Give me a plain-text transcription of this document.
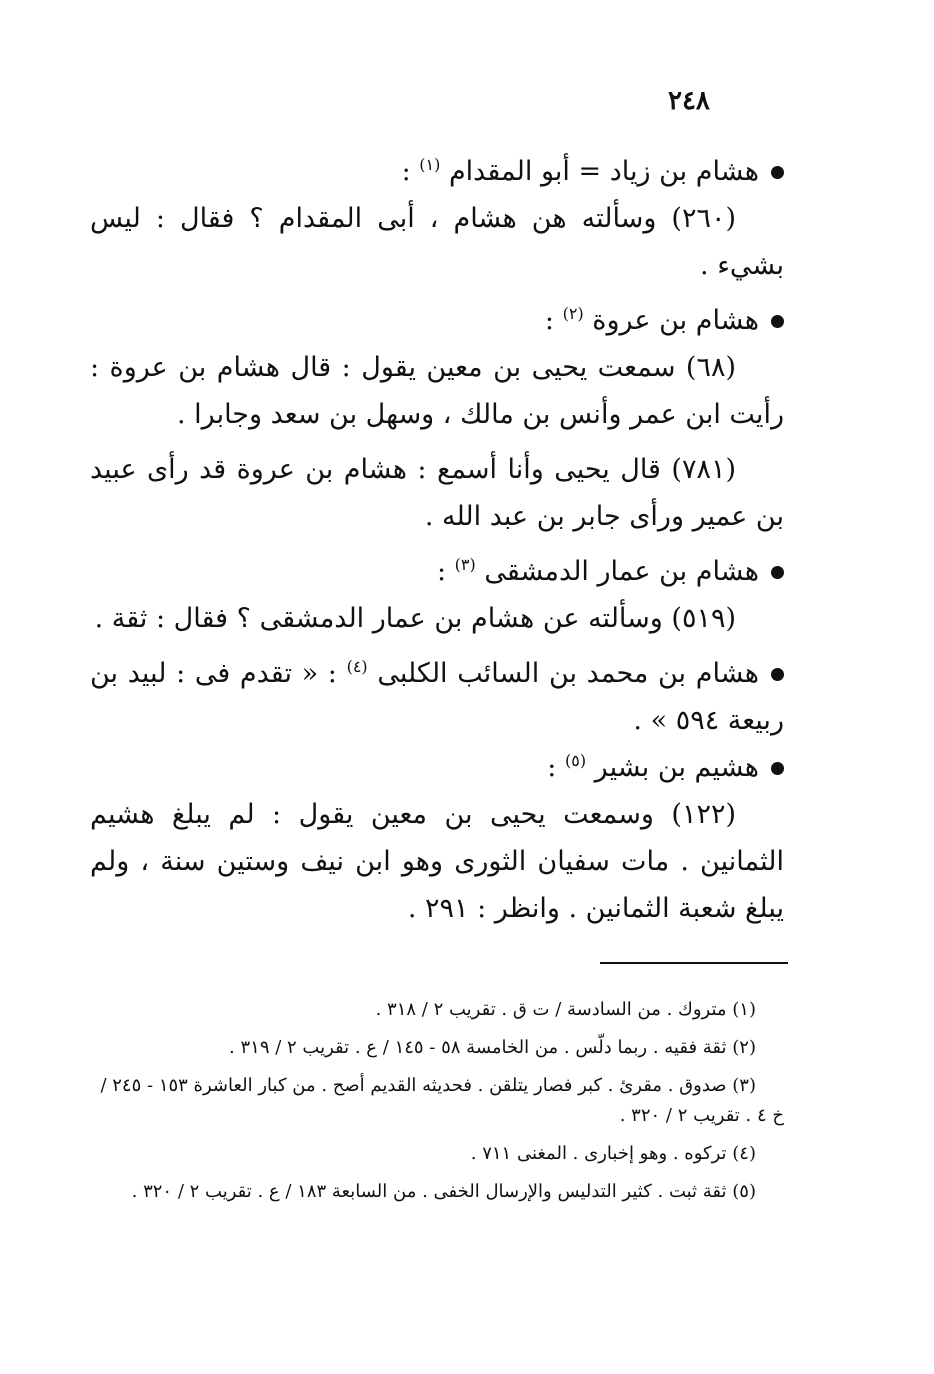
٢٤٨

هشام بن زياد = أبو المقدام $^{(١)}$ :

(٢٦٠) وسألته هن هشام ، أبى المقدام ؟ فقال : ليس بشيء .

هشام بن عروة $^{(٢)}$ :

(٦٨) سمعت يحيى بن معين يقول : قال هشام بن عروة : رأيت ابن عمر وأنس بن مالك ، وسهل بن سعد وجابرا .

(٧٨١) قال يحيى وأنا أسمع : هشام بن عروة قد رأى عبيد بن عمير ورأى جابر بن عبد الله .

هشام بن عمار الدمشقى $^{(٣)}$ :

(٥١٩) وسألته عن هشام بن عمار الدمشقى ؟ فقال : ثقة .

هشام بن محمد بن السائب الكلبى $^{(٤)}$ : « تقدم فى : لبيد بن ربيعة ٥٩٤ » .

هشيم بن بشير $^{(٥)}$ :

(١٢٢) وسمعت يحيى بن معين يقول : لم يبلغ هشيم الثمانين . مات سفيان الثورى وهو ابن نيف وستين سنة ، ولم يبلغ شعبة الثمانين . وانظر : ٢٩١ .

(١) متروك . من السادسة / ت ق . تقريب ٢ / ٣١٨ .

(٢) ثقة فقيه . ربما دلّس . من الخامسة ٥٨ - ١٤٥ / ع . تقريب ٢ / ٣١٩ .

(٣) صدوق . مقرئ . كبر فصار يتلقن . فحديثه القديم أصح . من كبار العاشرة ١٥٣ - ٢٤٥ / خ ٤ . تقريب ٢ / ٣٢٠ .

(٤) تركوه . وهو إخبارى . المغنى ٧١١ .

(٥) ثقة ثبت . كثير التدليس والإرسال الخفى . من السابعة ١٨٣ / ع . تقريب ٢ / ٣٢٠ .
